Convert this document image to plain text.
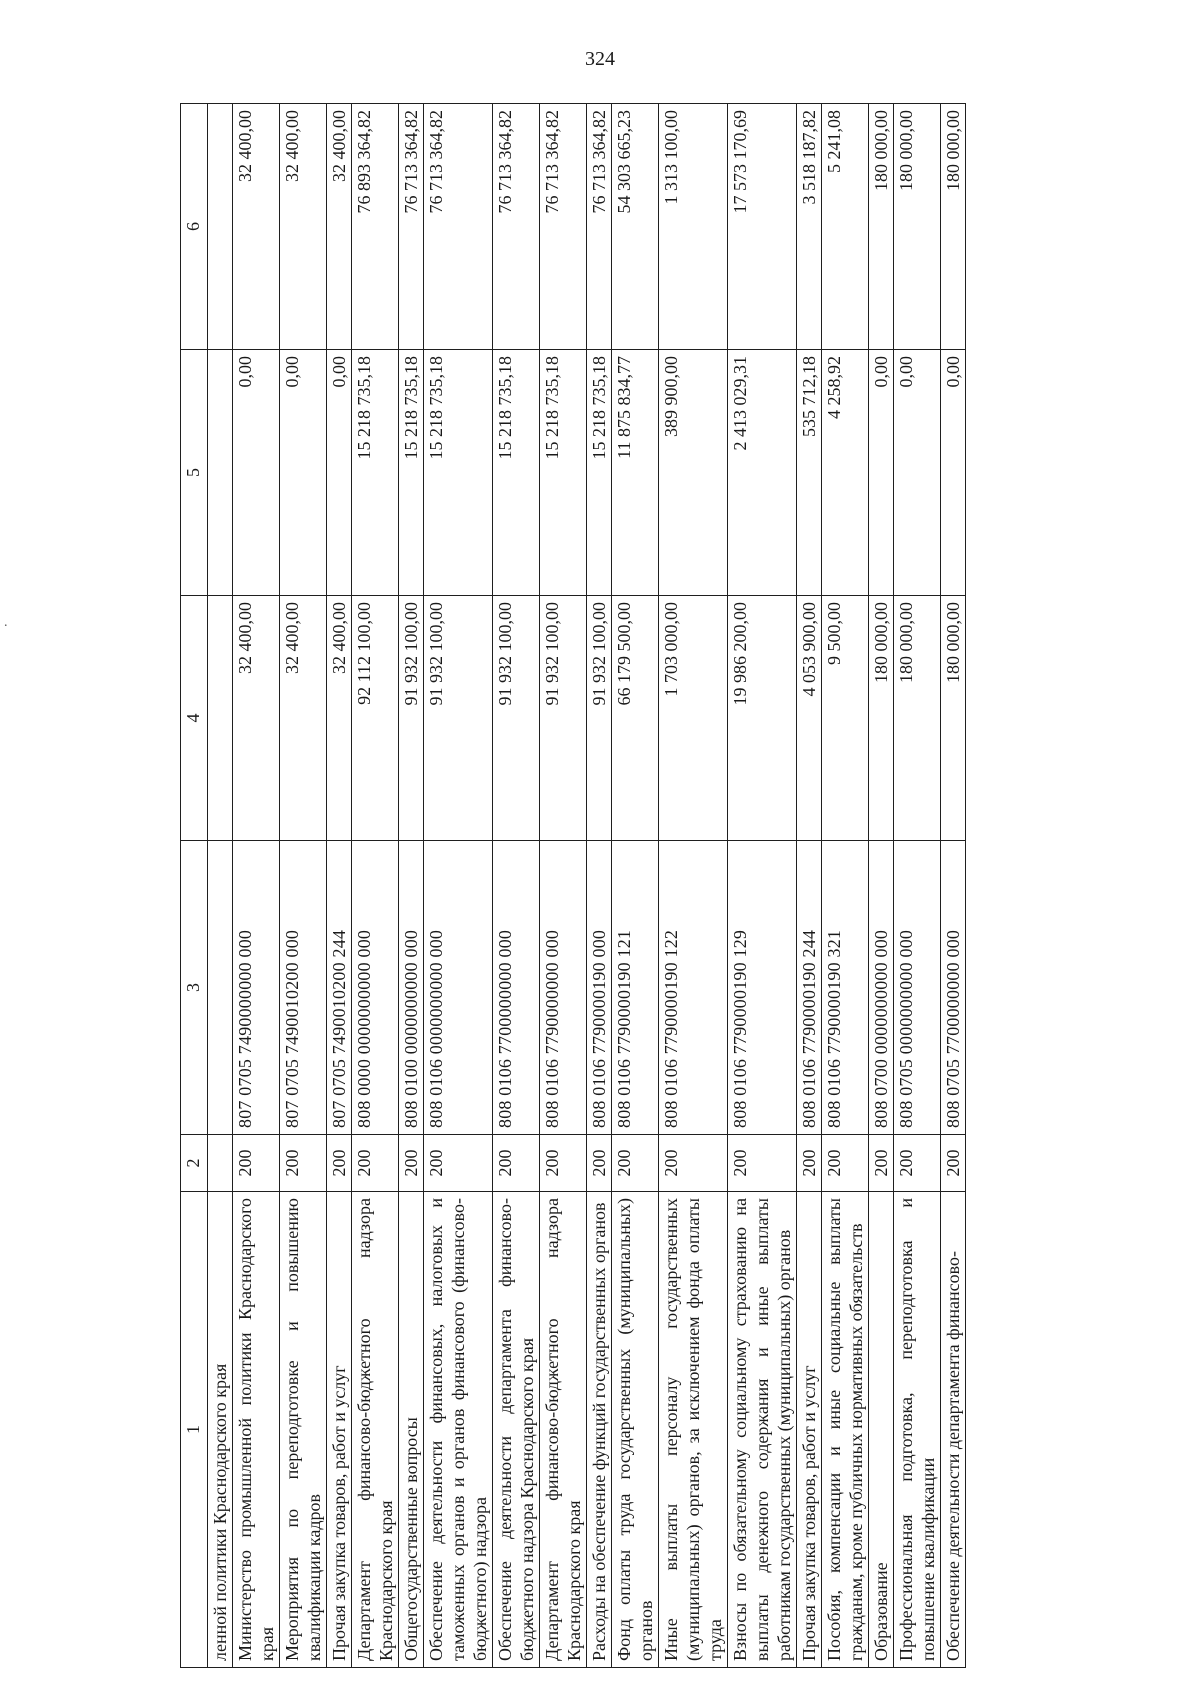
324
.
1	2	3	4	5	6
ленной политики Краснодарского края					
Министерство промышленной политики Краснодарского края	200	807 0705 7490000000 000	32 400,00	0,00	32 400,00
Мероприятия по переподготовке и повышению квалификации кадров	200	807 0705 7490010200 000	32 400,00	0,00	32 400,00
Прочая закупка товаров, работ и услуг	200	807 0705 7490010200 244	32 400,00	0,00	32 400,00
Департамент финансово-бюджетного надзора Краснодарского края	200	808 0000 0000000000 000	92 112 100,00	15 218 735,18	76 893 364,82
Общегосударственные вопросы	200	808 0100 0000000000 000	91 932 100,00	15 218 735,18	76 713 364,82
Обеспечение деятельности финансовых, налоговых и таможенных органов и органов финансового (финансово-бюджетного) надзора	200	808 0106 0000000000 000	91 932 100,00	15 218 735,18	76 713 364,82
Обеспечение деятельности департамента финансово-бюджетного надзора Краснодарского края	200	808 0106 7700000000 000	91 932 100,00	15 218 735,18	76 713 364,82
Департамент финансово-бюджетного надзора Краснодарского края	200	808 0106 7790000000 000	91 932 100,00	15 218 735,18	76 713 364,82
Расходы на обеспечение функций государственных органов	200	808 0106 7790000190 000	91 932 100,00	15 218 735,18	76 713 364,82
Фонд оплаты труда государственных (муниципальных) органов	200	808 0106 7790000190 121	66 179 500,00	11 875 834,77	54 303 665,23
Иные выплаты персоналу государственных (муниципальных) органов, за исключением фонда оплаты труда	200	808 0106 7790000190 122	1 703 000,00	389 900,00	1 313 100,00
Взносы по обязательному социальному страхованию на выплаты денежного содержания и иные выплаты работникам государственных (муниципальных) органов	200	808 0106 7790000190 129	19 986 200,00	2 413 029,31	17 573 170,69
Прочая закупка товаров, работ и услуг	200	808 0106 7790000190 244	4 053 900,00	535 712,18	3 518 187,82
Пособия, компенсации и иные социальные выплаты гражданам, кроме публичных нормативных обязательств	200	808 0106 7790000190 321	9 500,00	4 258,92	5 241,08
Образование	200	808 0700 0000000000 000	180 000,00	0,00	180 000,00
Профессиональная подготовка, переподготовка и повышение квалификации	200	808 0705 0000000000 000	180 000,00	0,00	180 000,00
Обеспечение деятельности департамента финансово-	200	808 0705 7700000000 000	180 000,00	0,00	180 000,00
